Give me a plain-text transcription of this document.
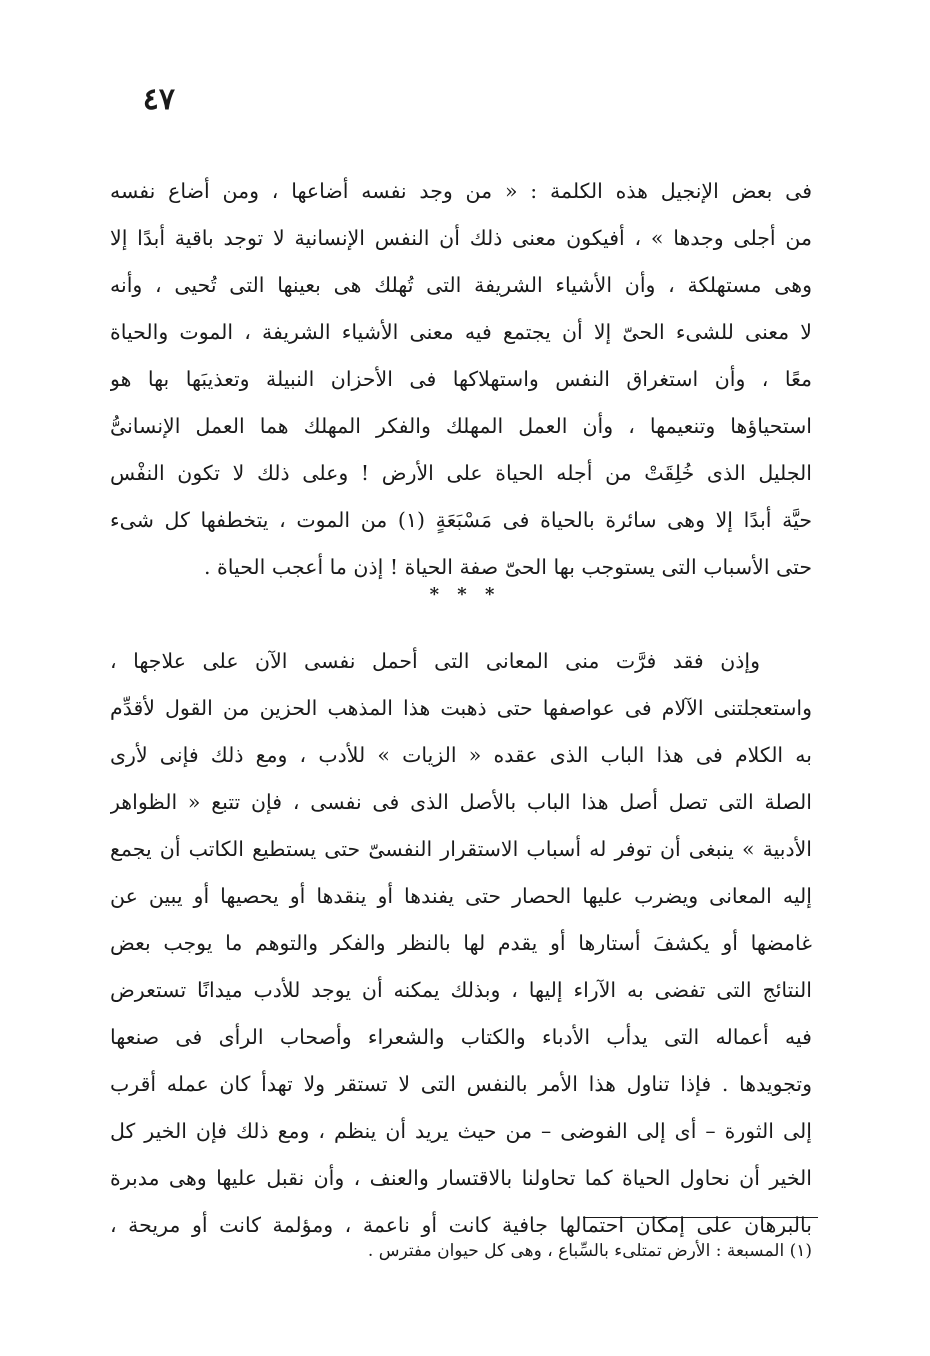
٤٧
فى بعض الإنجيل هذه الكلمة : « من وجد نفسه أضاعها ، ومن أضاع نفسه
من أجلى وجدها » ، أفيكون معنى ذلك أن النفس الإنسانية لا توجد باقية أبدًا إلا
وهى مستهلكة ، وأن الأشياء الشريفة التى تُهلك هى بعينها التى تُحيى ، وأنه
لا معنى للشىء الحىّ إلا أن يجتمع فيه معنى الأشياء الشريفة ، الموت والحياة
معًا ، وأن استغراق النفس واستهلاكها فى الأحزان النبيلة وتعذيبَها بها هو
استحياؤها وتنعيمها ، وأن العمل المهلك والفكر المهلك هما العمل الإنسانىُّ
الجليل الذى خُلِقَتْ من أجله الحياة على الأرض ! وعلى ذلك لا تكون النفْس
حيَّة أبدًا إلا وهى سائرة بالحياة فى مَسْبَعَةٍ (١) من الموت ، يتخطفها كل شىء
حتى الأسباب التى يستوجب بها الحىّ صفة الحياة ! إذن ما أعجب الحياة .
* * *
وإذن فقد فرَّت منى المعانى التى أحمل نفسى الآن على علاجها ،
واستعجلتنى الآلام فى عواصفها حتى ذهبت هذا المذهب الحزين من القول لأقدِّم
به الكلام فى هذا الباب الذى عقده « الزيات » للأدب ، ومع ذلك فإنى لأرى
الصلة التى تصل أصل هذا الباب بالأصل الذى فى نفسى ، فإن تتبع « الظواهر
الأدبية » ينبغى أن توفر له أسباب الاستقرار النفسىّ حتى يستطيع الكاتب أن يجمع
إليه المعانى ويضرب عليها الحصار حتى يفندها أو ينقدها أو يحصيها أو يبين عن
غامضها أو يكشفَ أستارها أو يقدم لها بالنظر والفكر والتوهم ما يوجب بعض
النتائج التى تفضى به الآراء إليها ، وبذلك يمكنه أن يوجد للأدب ميدانًا تستعرض
فيه أعماله التى يدأب الأدباء والكتاب والشعراء وأصحاب الرأى فى صنعها
وتجويدها . فإذا تناول هذا الأمر بالنفس التى لا تستقر ولا تهدأ كان عمله أقرب
إلى الثورة – أى إلى الفوضى – من حيث يريد أن ينظم ، ومع ذلك فإن الخير كل
الخير أن نحاول الحياة كما تحاولنا بالاقتسار والعنف ، وأن نقبل عليها وهى مدبرة
بالبرهان على إمكان احتمالها جافية كانت أو ناعمة ، ومؤلمة كانت أو مريحة ،
(١) المسبعة : الأرض تمتلىء بالسِّباع ، وهى كل حيوان مفترس .
